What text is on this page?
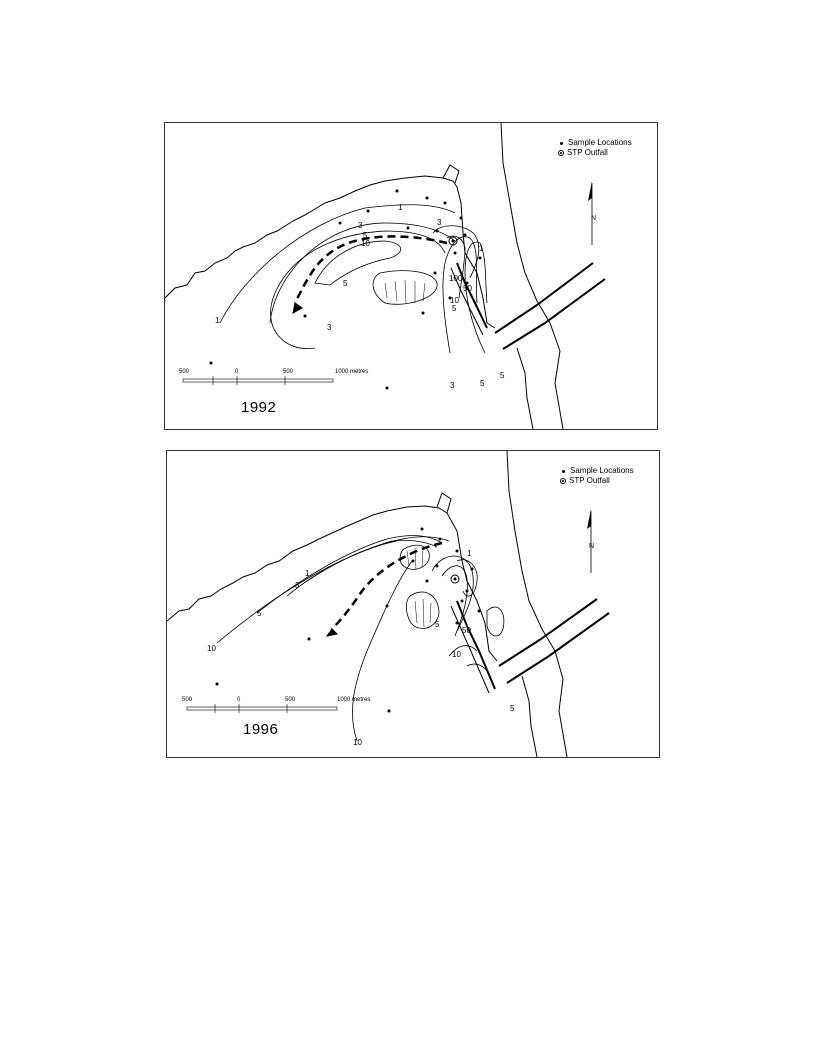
1
3
5
10
3
5
1
3
1
100
50
10
5
3	5
5
Sample Locations
STP Outfall
N
500	0	500	1000 metres
1992
1
3
5
10
1
50
10
5
5
10
Sample Locations
STP Outfall
N
500	0	500	1000 metres
1996
